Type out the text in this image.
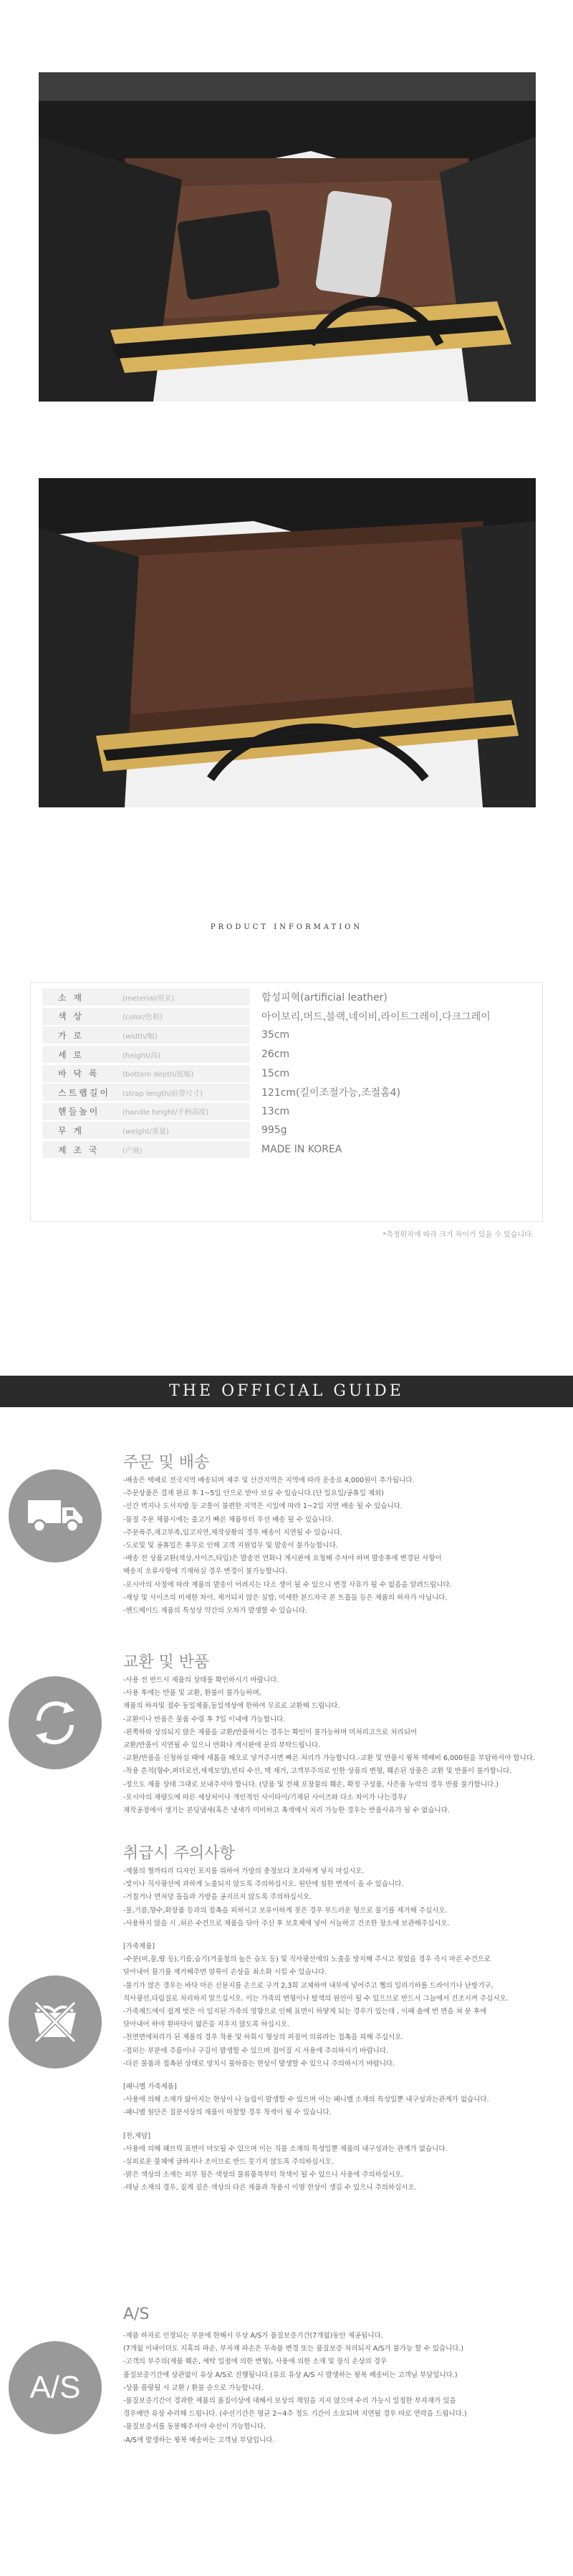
PRODUCT INFORMATION
소 재	(meterial/원료)	합성피혁(artificial leather)
색 상	(color/色相)	아이보리,머드,블랙,네이비,라이트그레이,다크그레이
가 로	(width/幅)	35cm
세 로	(height/高)	26cm
바 닥 폭	(bottom depth/底幅)	15cm
스트랩길이	(strap length/肩帶尺寸)	121cm(길이조절가능,조절홈4)
핸들높이	(handle height/手柄高度)	13cm
무 게	(weight/重量)	995g
제 조 국	(产地)	MADE IN KOREA
*측정위치에 따라 크기 차이가 있을 수 있습니다.
THE OFFICIAL GUIDE
주문 및 배송
-배송은 택배로 전국지역 배송되며 제주 및 산간지역은 지역에 따라 운송료 4,000원이 추가됩니다.
-주문상품은 결제 완료 후 1~5일 안으로 받아 보실 수 있습니다.(단 일요일/공휴일 제외)
-신간 벽지나 도서지방 등 교통이 불편한 지역은 시일에 따라 1~2일 지연 배송 될 수 있습니다.
-품절 주문 제품시에는 출고가 빠른 제품부터 우선 배송 될 수 있습니다.
-주문폭주,재고부족,입고지연,제작상황의 경우 배송이 지연될 수 있습니다.
-도로및 및 공휴일은 휴무로 인해 고객 지원업무 및 발송이 불가능합니다.
-배송 전 상품교환(색상,사이즈,타입)은 발송전 연화나 게시판에 요청해 주셔야 하며 발송후에 변경된 사항이
배송지 오류사항에 기재하실 경우 변경이 불가능합니다.
-포시아의 사정에 따라 제품의 발송이 어려지는 다소 생이 될 수 있으니 변경 사유가 될 수 없음을 알려드립니다.
-재상 및 사이즈의 미세한 차이, 제거되지 않은 실밥, 미세한 본드자국 본 트롭들 등은 제품의 하자가 아닙니다.
-핸드메이드 제품의 특성상 약간의 오차가 발생할 수 있습니다.
교환 및 반품
-사용 전 반드시 제품의 상태를 확인하시기 바랍니다.
-사용 후에는 반품 및 교환, 환불이 불가능하며,
제품의 하자및 접수 동일제품,동일색상에 한하여 무료로 교환해 드립니다.
-교환이나 반품은 물품 수령 후 7일 이내에 가능합니다.
-왼쪽하와 상의되지 않은 제품을 교환/반품하시는 경우는 확인이 불가능하며 미처리고으로 처리되어
교환/반품이 지연될 수 있으니 반화나 게시판에 문의 부탁드립니다.
-교환/반품을 신청하실 때에 새롬을 해오로 넣겨주시면 빠른 처리가 가능합니다.-교환 및 반품시 왕복 택배비 6,000원을 부담하셔야 합니다.
-착용 흔적(향수,퍼더로션,세제모양),빈티 수선, 택 제거, 고객부주의로 인한 상품의 변형, 훼손된 상품은 교환 및 반품이 불가합니다.
-정으도 제품 상태 그대로 보내주셔야 합니다. (당품 및 전체 포장물의 훼손, 확정 구성품, 사은품 누락의 경우 반품 불가합니다.)
-포시아의 재량도에 따른 세상처이나 개인적인 사이타이/기재된 사이즈와 다소 차이가 나는경우/
재작공정에서 생기는 본딩냄새(혹은 냉새가 미비하고 촉색에서 처리 가능한 경우는 반품사유가 될 수 없습니다.
취급시 주의사항
-제품의 혈까티리 디자인 포지를 위하여 가방의 충정보다 초과하게 넣지 마십시오.
-빛이나 직사광선에 과하게 노출되지 않도록 주의하십시오. 원단에 심한 변색이 올 수 있습니다.
-거칠거나 면처당 돌들과 가방을 공지르지 않도록 주의하십시오.
-물,기름,향수,화장품 등과의 접촉을 피하시고 보유이하게 젖은 경우 부드러운 헝으로 물기를 제거해 주십시오.
-사용하지 않을 시 ,허른 수건으로 제품을 닦아 주신 후 보호체에 넣어 서늘하고 건조한 장소에 보관해주십시오.
[가죽제품]
-수분(비,물,땀 등),기름,습기(겨울철의 높은 습도 등) 및 직사광선에의 노출을 방지해 주시고 젖었을 경우 즉시 마른 수건으로
닦아내어 물기를 제거해주면 얼룩이 손상을 최소화 시킬 수 있습니다.
-물기가 많은 경우는 바닥 마른 신문지를 손으로 구겨 2,3회 교체하여 내부에 넣어주고 헬의 일리기하를 드라이기나 난방기구,
직사광선,다림질로 처리하지 말으십시오. 이는 가죽의 변형이나 탈색의 원인이 될 수 있으므로 반드시 그늘에서 건조시켜 주십시오.
-가죽제드에이 쉽게 벗은 이 일지된 가죽의 영향으로 인해 표면이 하얗게 되는 경우가 있는데 , 이때 솔에 번 면을 쳐 문 후에
닦아내어 하야 흰바닥이 엷은을 지우지 않도록 하십시오.
-천연면에처리가 된 제품의 경우 착용 및 하회시 형상의 퍼짐어 의류라는 접촉을 피해 주십시오.
-접히는 부분에 주름이나 구김이 발생할 수 있으며 접어질 시 사용에 주의하시기 바랍니다.
-다른 물품과 접촉된 상태로 방치시 물하름는 현상이 발생할 수 있으니 주의하시기 바랍니다.
[패니멜 가죽제품]
-사용에 의해 소재가 닳아지는 현상이 나 늘림이 발생할 수 있으며 이는 패니멜 소재의 특성일뿐 내구성과는관계가 없습니다.
-패니멜 원단은 질분셔상의 제품이 마찰할 경우 착색이 될 수 있습니다.
[천,재담]
-사용에 의해 패브릭 표면이 마모될 수 있으며 이는 직물 소재의 특성일뿐 제품의 내구성과는 관계가 없습니다.
-실외로운 물체에 글하지나 조이므로 반드 뭇기지 않도록 주의하십시오.
-밝은 색상의 소재는 외부 침은 색상의 물류품목부터 착색이 될 수 있으니 사용에 주의하십시오.
-테님 소재의 경우, 짙게 짙은 색상의 다른 제품과 착용시 이염 현상이 생길 수 있으니 주의하십시오.
A/S
A/S
-제품 하자로 인정되는 부분에 한해서 무상 A/S가 품질보증기간(7개월)동안 제공됩니다.
(7개월 이내이더도 지혹의 파손, 부자재 파손은 무속품 변경 또는 품질보증 처리되지 A/S가 불가능 할 수 있습니다.)
-고객의 부주의(제품 훼손, 세탁 일점에 의한 변형), 사용에 의한 소재 및 장식 손상의 경우
품질보증기간에 상관없이 유상 A/S로 진행됩니다.(유료 유상 A/S 시 발생하는 왕복 배송비는 고객님 부담입니다.)
-상품 플랑될 시 교환 / 환불 순으로 가능합니다.
-품질보증기간이 경과한 제품의 품질이상에 대해서 보상의 책임을 지지 않으며 수리 가능시 일정한 부자재가 있을
경우배만 유상 수리해 드립니다. (수선기간은 평균 2~4주 정도 기간이 소요되며 지연될 경우 따로 연락을 드립니다.)
-품질보증서를 동봉해주셔야 수선이 가능합니다.
-A/S에 발생하는 왕복 배송비는 고객님 부담입니다.
